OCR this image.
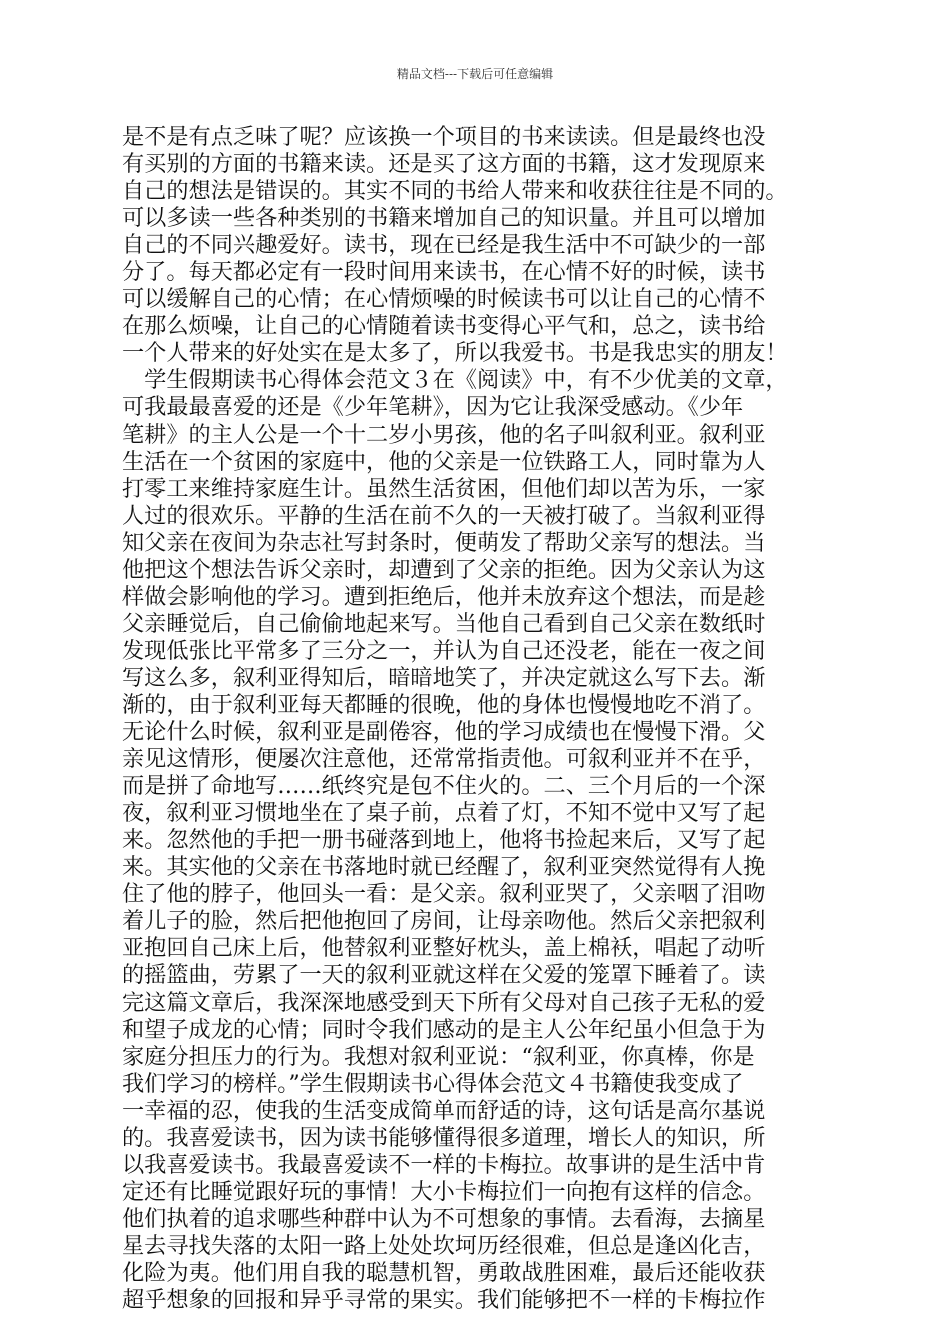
精品文档---下载后可任意编辑
是不是有点乏味了呢？应该换一个项目的书来读读。但是最终也没
有买别的方面的书籍来读。还是买了这方面的书籍，这才发现原来
自己的想法是错误的。其实不同的书给人带来和收获往往是不同的。
可以多读一些各种类别的书籍来增加自己的知识量。并且可以增加
自己的不同兴趣爱好。读书，现在已经是我生活中不可缺少的一部
分了。每天都必定有一段时间用来读书，在心情不好的时候，读书
可以缓解自己的心情；在心情烦噪的时候读书可以让自己的心情不
在那么烦噪，让自己的心情随着读书变得心平气和，总之，读书给
一个人带来的好处实在是太多了，所以我爱书。书是我忠实的朋友！
　学生假期读书心得体会范文３在《阅读》中，有不少优美的文章，
可我最最喜爱的还是《少年笔耕》，因为它让我深受感动。《少年
笔耕》的主人公是一个十二岁小男孩，他的名子叫叙利亚。叙利亚
生活在一个贫困的家庭中，他的父亲是一位铁路工人，同时靠为人
打零工来维持家庭生计。虽然生活贫困，但他们却以苦为乐，一家
人过的很欢乐。平静的生活在前不久的一天被打破了。当叙利亚得
知父亲在夜间为杂志社写封条时，便萌发了帮助父亲写的想法。当
他把这个想法告诉父亲时，却遭到了父亲的拒绝。因为父亲认为这
样做会影响他的学习。遭到拒绝后，他并未放弃这个想法，而是趁
父亲睡觉后，自己偷偷地起来写。当他自己看到自己父亲在数纸时
发现低张比平常多了三分之一，并认为自己还没老，能在一夜之间
写这么多，叙利亚得知后，暗暗地笑了，并决定就这么写下去。渐
渐的，由于叙利亚每天都睡的很晚，他的身体也慢慢地吃不消了。
无论什么时候，叙利亚是副倦容，他的学习成绩也在慢慢下滑。父
亲见这情形，便屡次注意他，还常常指责他。可叙利亚并不在乎，
而是拼了命地写……纸终究是包不住火的。二、三个月后的一个深
夜，叙利亚习惯地坐在了桌子前，点着了灯，不知不觉中又写了起
来。忽然他的手把一册书碰落到地上，他将书捡起来后，又写了起
来。其实他的父亲在书落地时就已经醒了，叙利亚突然觉得有人挽
住了他的脖子，他回头一看：是父亲。叙利亚哭了，父亲咽了泪吻
着儿子的脸，然后把他抱回了房间，让母亲吻他。然后父亲把叙利
亚抱回自己床上后，他替叙利亚整好枕头，盖上棉袄，唱起了动听
的摇篮曲，劳累了一天的叙利亚就这样在父爱的笼罩下睡着了。读
完这篇文章后，我深深地感受到天下所有父母对自己孩子无私的爱
和望子成龙的心情；同时令我们感动的是主人公年纪虽小但急于为
家庭分担压力的行为。我想对叙利亚说：“叙利亚，你真棒，你是
我们学习的榜样。”学生假期读书心得体会范文４书籍使我变成了
一幸福的忍，使我的生活变成简单而舒适的诗，这句话是高尔基说
的。我喜爱读书，因为读书能够懂得很多道理，增长人的知识，所
以我喜爱读书。我最喜爱读不一样的卡梅拉。故事讲的是生活中肯
定还有比睡觉跟好玩的事情！大小卡梅拉们一向抱有这样的信念。
他们执着的追求哪些种群中认为不可想象的事情。去看海，去摘星
星去寻找失落的太阳一路上处处坎坷历经很难，但总是逢凶化吉，
化险为夷。他们用自我的聪慧机智，勇敢战胜困难，最后还能收获
超乎想象的回报和异乎寻常的果实。我们能够把不一样的卡梅拉作
